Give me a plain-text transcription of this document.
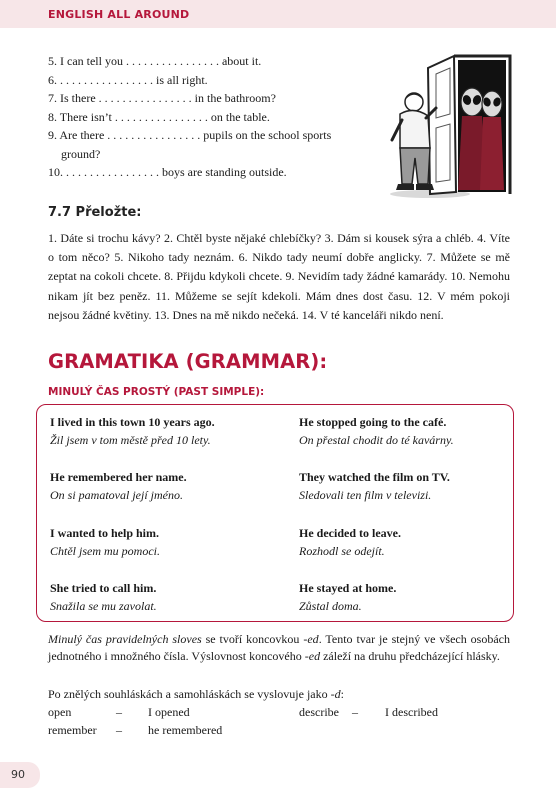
ENGLISH ALL AROUND
5. I can tell you . . . . . . . . . . . . . . . . about it.
6. . . . . . . . . . . . . . . . . is all right.
7. Is there . . . . . . . . . . . . . . . . in the bathroom?
8. There isn’t . . . . . . . . . . . . . . . . on the table.
9. Are there . . . . . . . . . . . . . . . . pupils on the school sports
ground?
10. . . . . . . . . . . . . . . . . boys are standing outside.
7.7 Přeložte:
1. Dáte si trochu kávy? 2. Chtěl byste nějaké chlebíčky? 3. Dám si kousek sýra a chléb. 4. Víte o tom něco? 5. Nikoho tady neznám. 6. Nikdo tady neumí dobře anglicky. 7. Můžete se mě zeptat na cokoli chcete. 8. Přijdu kdykoli chcete. 9. Nevidím tady žádné kamarády. 10. Nemohu nikam jít bez peněz. 11. Můžeme se sejít kdekoli. Mám dnes dost času. 12. V mém pokoji nejsou žádné květiny. 13. Dnes na mě nikdo nečeká. 14. V té kanceláři nikdo není.
GRAMATIKA (GRAMMAR):
MINULÝ ČAS PROSTÝ (PAST SIMPLE):
I lived in this town 10 years ago.
Žil jsem v tom městě před 10 lety.
He stopped going to the café.
On přestal chodit do té kavárny.
He remembered her name.
On si pamatoval její jméno.
They watched the film on TV.
Sledovali ten film v televizi.
I wanted to help him.
Chtěl jsem mu pomoci.
He decided to leave.
Rozhodl se odejít.
She tried to call him.
Snažila se mu zavolat.
He stayed at home.
Zůstal doma.
Minulý čas pravidelných sloves se tvoří koncovkou -ed. Tento tvar je stejný ve všech osobách jednotného i množného čísla. Výslovnost koncového -ed záleží na druhu předcházející hlásky.
Po znělých souhláskách a samohláskách se vyslovuje jako -d:
open	– I opened	describe – I described
remember – he remembered
90
